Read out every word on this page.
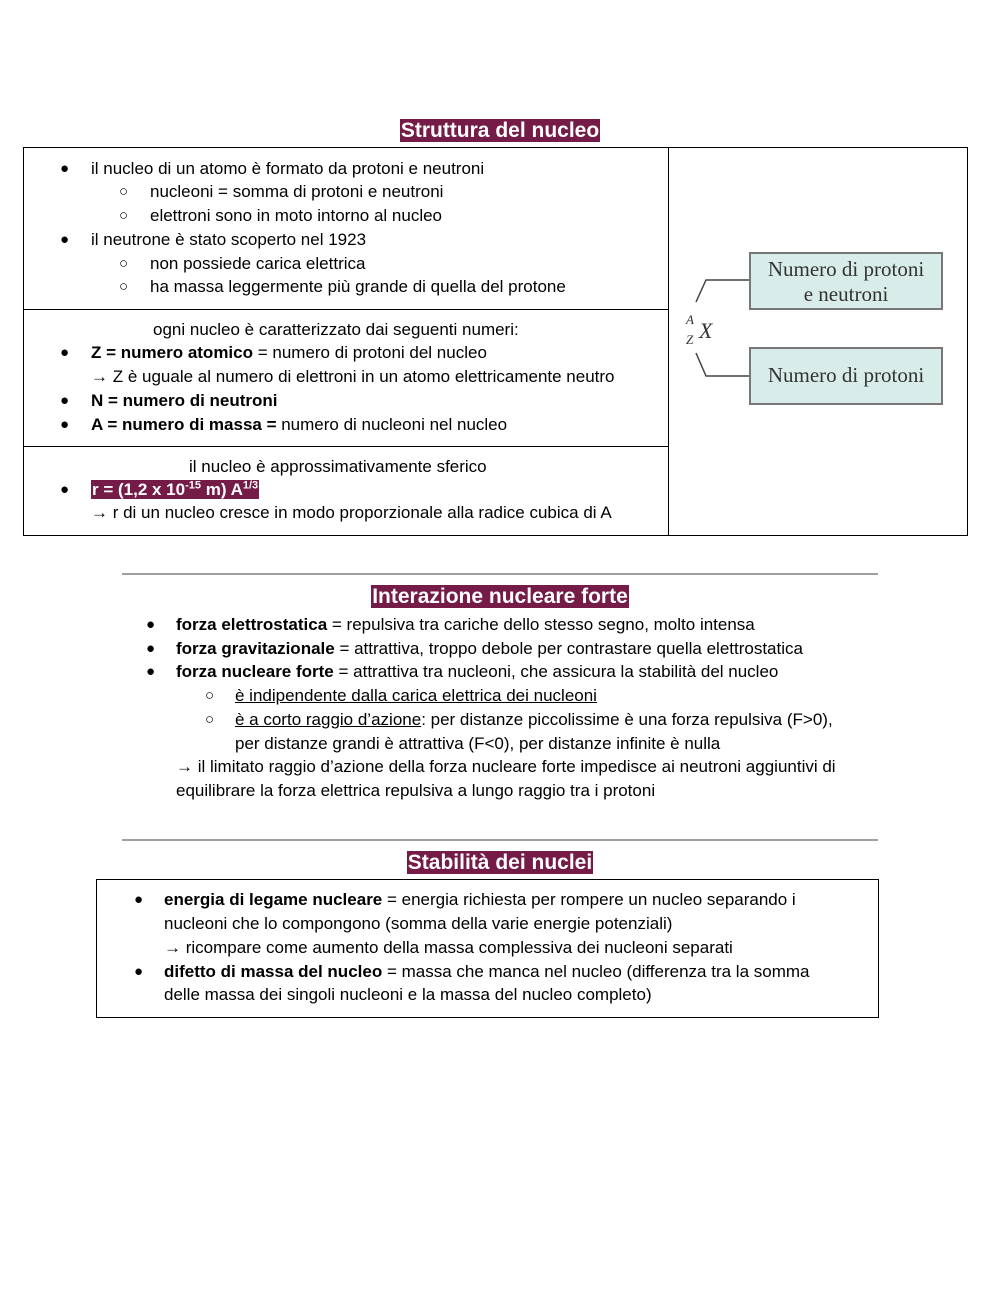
Struttura del nucleo
● il nucleo di un atomo è formato da protoni e neutroni
○ nucleoni = somma di protoni e neutroni
○ elettroni sono in moto intorno al nucleo
● il neutrone è stato scoperto nel 1923
○ non possiede carica elettrica
○ ha massa leggermente più grande di quella del protone
ogni nucleo è caratterizzato dai seguenti numeri:
● Z = numero atomico = numero di protoni del nucleo
→ Z è uguale al numero di elettroni in un atomo elettricamente neutro
● N = numero di neutroni
● A = numero di massa = numero di nucleoni nel nucleo
il nucleo è approssimativamente sferico
● r = (1,2 x $10^{-15}$ m) $A^{1/3}$
→ r di un nucleo cresce in modo proporzionale alla radice cubica di A
Numero di protoni
e neutroni
Numero di protoni
A
Z X
Interazione nucleare forte
● forza elettrostatica = repulsiva tra cariche dello stesso segno, molto intensa
● forza gravitazionale = attrattiva, troppo debole per contrastare quella elettrostatica
● forza nucleare forte = attrattiva tra nucleoni, che assicura la stabilità del nucleo
○ è indipendente dalla carica elettrica dei nucleoni
○ è a corto raggio d’azione: per distanze piccolissime è una forza repulsiva (F>0),
per distanze grandi è attrattiva (F<0), per distanze infinite è nulla
→ il limitato raggio d’azione della forza nucleare forte impedisce ai neutroni aggiuntivi di
equilibrare la forza elettrica repulsiva a lungo raggio tra i protoni
Stabilità dei nuclei
● energia di legame nucleare = energia richiesta per rompere un nucleo separando i
nucleoni che lo compongono (somma della varie energie potenziali)
→ ricompare come aumento della massa complessiva dei nucleoni separati
● difetto di massa del nucleo = massa che manca nel nucleo (differenza tra la somma
delle massa dei singoli nucleoni e la massa del nucleo completo)
